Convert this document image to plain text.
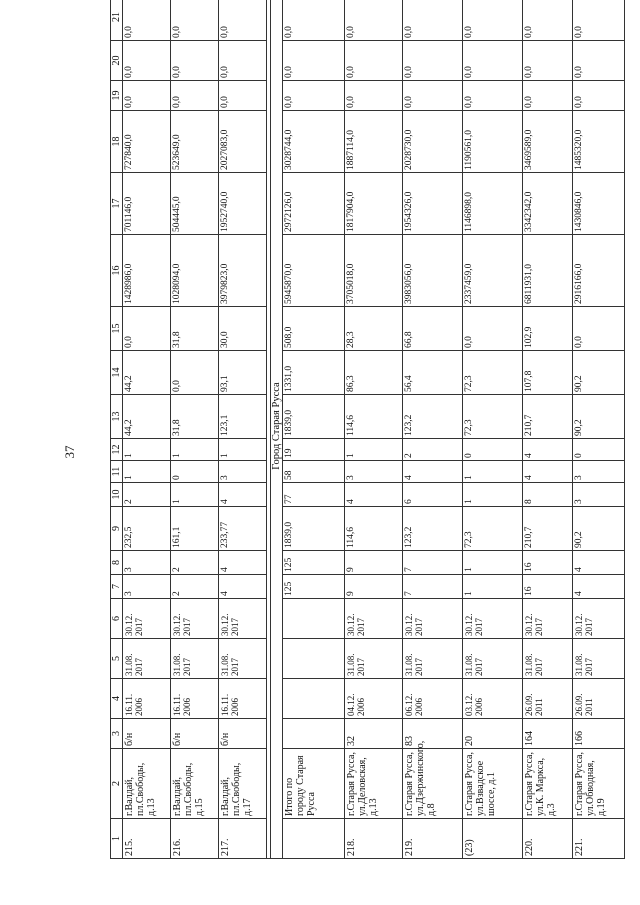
37
1	2	3	4	5	6	7	8	9	10	11	12	13	14	15	16	17	18	19	20	21
215.	г.Валдай, пл.Свободы, д.13	б/н	16.11. 2006	31.08. 2017	30.12. 2017	3	3	232,5	2	1	1	44,2	44,2	0,0	1428986,0	701146,0	727840,0	0,0	0,0	0,0
216.	г.Валдай, пл.Свободы, д.15	б/н	16.11. 2006	31.08. 2017	30.12. 2017	2	2	161,1	1	0	1	31,8	0,0	31,8	1028094,0	504445,0	523649,0	0,0	0,0	0,0
217.	г.Валдай, пл.Свободы, д.17	б/н	16.11. 2006	31.08. 2017	30.12. 2017	4	4	233,77	4	3	1	123,1	93,1	30,0	3979823,0	1952740,0	2027083,0	0,0	0,0	0,0

Город Старая Русса																				
	Итого по городу Старая Русса					125	125	1839,0	77	58	19	1839,0	1331,0	508,0	5945870,0	2972126,0	3028744,0	0,0	0,0	0,0
218.	г.Старая Русса, ул.Деловская, д.13	32	04.12. 2006	31.08. 2017	30.12. 2017	9	9	114,6	4	3	1	114,6	86,3	28,3	3705018,0	1817904,0	1887114,0	0,0	0,0	0,0
219.	г.Старая Русса, ул.Дзержинского, д.8	83	06.12. 2006	31.08. 2017	30.12. 2017	7	7	123,2	6	4	2	123,2	56,4	66,8	3983056,0	1954326,0	2028730,0	0,0	0,0	0,0
(23)	г.Старая Русса, ул.Взвадское шоссе, д.1	20	03.12. 2006	31.08. 2017	30.12. 2017	1	1	72,3	1	1	0	72,3	72,3	0,0	2337459,0	1146898,0	1190561,0	0,0	0,0	0,0
220.	г.Старая Русса, ул.К. Маркса, д.3	164	26.09. 2011	31.08. 2017	30.12. 2017	16	16	210,7	8	4	4	210,7	107,8	102,9	6811931,0	3342342,0	3469589,0	0,0	0,0	0,0
221.	г.Старая Русса, ул.Обводная, д.19	166	26.09. 2011	31.08. 2017	30.12. 2017	4	4	90,2	3	3	0	90,2	90,2	0,0	2916166,0	1430846,0	1485320,0	0,0	0,0	0,0
